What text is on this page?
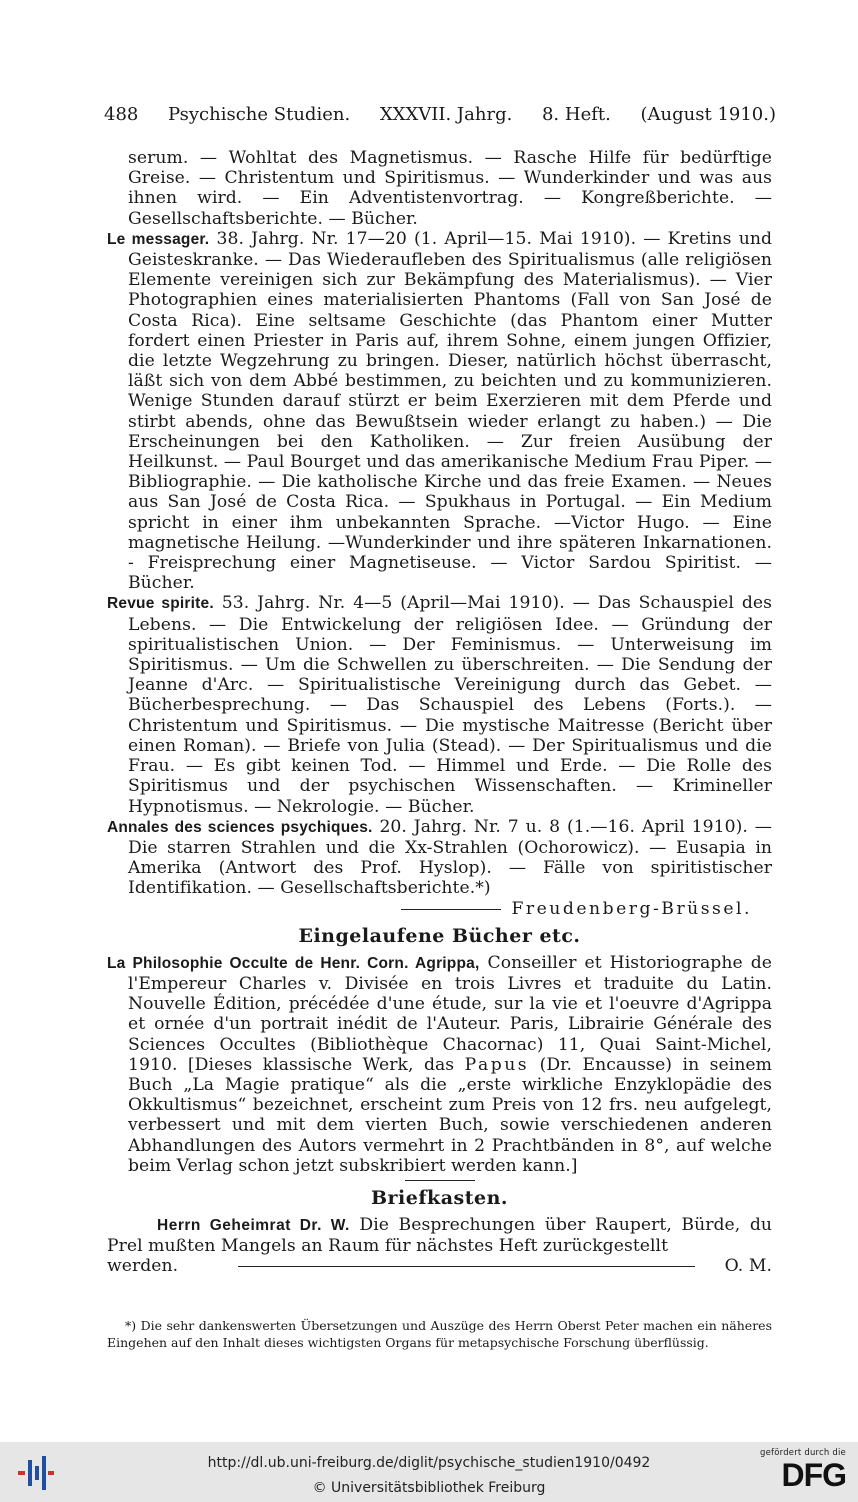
488 Psychische Studien. XXXVII. Jahrg. 8. Heft. (August 1910.)

serum. — Wohltat des Magnetismus. — Rasche Hilfe für bedürftige Greise. — Christentum und Spiritismus. — Wunderkinder und was aus ihnen wird. — Ein Adventistenvortrag. — Kongreßberichte. — Gesellschaftsberichte. — Bücher.

Le messager. 38. Jahrg. Nr. 17—20 (1. April—15. Mai 1910). — Kretins und Geisteskranke. — Das Wiederaufleben des Spiritualismus (alle religiösen Elemente vereinigen sich zur Bekämpfung des Materialismus). — Vier Photographien eines materialisierten Phantoms (Fall von San José de Costa Rica). Eine seltsame Geschichte (das Phantom einer Mutter fordert einen Priester in Paris auf, ihrem Sohne, einem jungen Offizier, die letzte Wegzehrung zu bringen. Dieser, natürlich höchst überrascht, läßt sich von dem Abbé bestimmen, zu beichten und zu kommunizieren. Wenige Stunden darauf stürzt er beim Exerzieren mit dem Pferde und stirbt abends, ohne das Bewußtsein wieder erlangt zu haben.) — Die Erscheinungen bei den Katholiken. — Zur freien Ausübung der Heilkunst. — Paul Bourget und das amerikanische Medium Frau Piper. — Bibliographie. — Die katholische Kirche und das freie Examen. — Neues aus San José de Costa Rica. — Spukhaus in Portugal. — Ein Medium spricht in einer ihm unbekannten Sprache. —Victor Hugo. — Eine magnetische Heilung. —Wunderkinder und ihre späteren Inkarnationen. - Freisprechung einer Magnetiseuse. — Victor Sardou Spiritist. — Bücher.

Revue spirite. 53. Jahrg. Nr. 4—5 (April—Mai 1910). — Das Schauspiel des Lebens. — Die Entwickelung der religiösen Idee. — Gründung der spiritualistischen Union. — Der Feminismus. — Unterweisung im Spiritismus. — Um die Schwellen zu überschreiten. — Die Sendung der Jeanne d'Arc. — Spiritualistische Vereinigung durch das Gebet. — Bücherbesprechung. — Das Schauspiel des Lebens (Forts.). — Christentum und Spiritismus. — Die mystische Maitresse (Bericht über einen Roman). — Briefe von Julia (Stead). — Der Spiritualismus und die Frau. — Es gibt keinen Tod. — Himmel und Erde. — Die Rolle des Spiritismus und der psychischen Wissenschaften. — Krimineller Hypnotismus. — Nekrologie. — Bücher.

Annales des sciences psychiques. 20. Jahrg. Nr. 7 u. 8 (1.—16. April 1910). — Die starren Strahlen und die Xx-Strahlen (Ochorowicz). — Eusapia in Amerika (Antwort des Prof. Hyslop). — Fälle von spiritistischer Identifikation. — Gesellschaftsberichte.*)

Freudenberg-Brüssel.

Eingelaufene Bücher etc.

La Philosophie Occulte de Henr. Corn. Agrippa, Conseiller et Historiographe de l'Empereur Charles v. Divisée en trois Livres et traduite du Latin. Nouvelle Édition, précédée d'une étude, sur la vie et l'oeuvre d'Agrippa et ornée d'un portrait inédit de l'Auteur. Paris, Librairie Générale des Sciences Occultes (Bibliothèque Chacornac) 11, Quai Saint-Michel, 1910. [Dieses klassische Werk, das Papus (Dr. Encausse) in seinem Buch „La Magie pratique“ als die „erste wirkliche Enzyklopädie des Okkultismus“ bezeichnet, erscheint zum Preis von 12 frs. neu aufgelegt, verbessert und mit dem vierten Buch, sowie verschiedenen anderen Abhandlungen des Autors vermehrt in 2 Prachtbänden in 8°, auf welche beim Verlag schon jetzt subskribiert werden kann.]

Briefkasten.

Herrn Geheimrat Dr. W. Die Besprechungen über Raupert, Bürde, du Prel mußten Mangels an Raum für nächstes Heft zurückgestellt

werden.	O. M.

*) Die sehr dankenswerten Übersetzungen und Auszüge des Herrn Oberst Peter machen ein näheres Eingehen auf den Inhalt dieses wichtigsten Organs für metapsychische Forschung überflüssig.

http://dl.ub.uni-freiburg.de/diglit/psychische_studien1910/0492
© Universitätsbibliothek Freiburg
gefördert durch die
DFG
